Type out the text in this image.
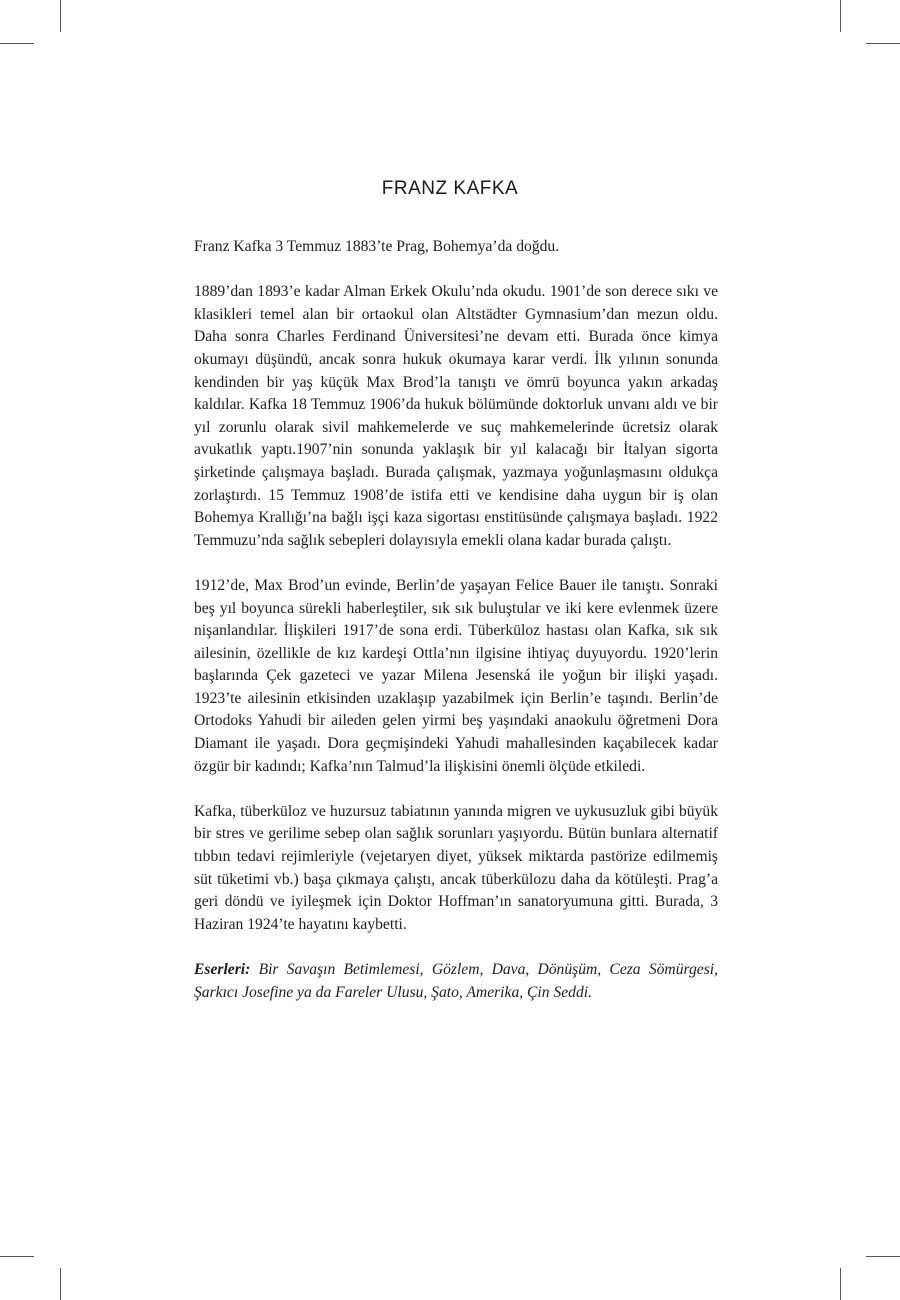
FRANZ KAFKA

Franz Kafka 3 Temmuz 1883’te Prag, Bohemya’da doğdu.

1889’dan 1893’e kadar Alman Erkek Okulu’nda okudu. 1901’de son derece sıkı ve klasikleri temel alan bir ortaokul olan Altstädter Gymnasium’dan mezun oldu. Daha sonra Charles Ferdinand Üniversitesi’ne devam etti. Burada önce kimya okumayı düşündü, ancak sonra hukuk okumaya karar verdi. İlk yılının sonunda kendinden bir yaş küçük Max Brod’la tanıştı ve ömrü boyunca yakın arkadaş kaldılar. Kafka 18 Temmuz 1906’da hukuk bölümünde doktorluk unvanı aldı ve bir yıl zorunlu olarak sivil mahkemelerde ve suç mahkemelerinde ücretsiz olarak avukatlık yaptı.1907’nin sonunda yaklaşık bir yıl kalacağı bir İtalyan sigorta şirketinde çalışmaya başladı. Burada çalışmak, yazmaya yoğunlaşmasını oldukça zorlaştırdı. 15 Temmuz 1908’de istifa etti ve kendisine daha uygun bir iş olan Bohemya Krallığı’na bağlı işçi kaza sigortası enstitüsünde çalışmaya başladı. 1922 Temmuzu’nda sağlık sebepleri dolayısıyla emekli olana kadar burada çalıştı.

1912’de, Max Brod’un evinde, Berlin’de yaşayan Felice Bauer ile tanıştı. Sonraki beş yıl boyunca sürekli haberleştiler, sık sık buluştular ve iki kere evlenmek üzere nişanlandılar. İlişkileri 1917’de sona erdi. Tüberküloz hastası olan Kafka, sık sık ailesinin, özellikle de kız kardeşi Ottla’nın ilgisine ihtiyaç duyuyordu. 1920’lerin başlarında Çek gazeteci ve yazar Milena Jesenská ile yoğun bir ilişki yaşadı. 1923’te ailesinin etkisinden uzaklaşıp yazabilmek için Berlin’e taşındı. Berlin’de Ortodoks Yahudi bir aileden gelen yirmi beş yaşındaki anaokulu öğretmeni Dora Diamant ile yaşadı. Dora geçmişindeki Yahudi mahallesinden kaçabilecek kadar özgür bir kadındı; Kafka’nın Talmud’la ilişkisini önemli ölçüde etkiledi.

Kafka, tüberküloz ve huzursuz tabiatının yanında migren ve uykusuzluk gibi büyük bir stres ve gerilime sebep olan sağlık sorunları yaşıyordu. Bütün bunlara alternatif tıbbın tedavi rejimleriyle (vejetaryen diyet, yüksek miktarda pastörize edilmemiş süt tüketimi vb.) başa çıkmaya çalıştı, ancak tüberkülozu daha da kötüleşti. Prag’a geri döndü ve iyileşmek için Doktor Hoffman’ın sanatoryumuna gitti. Burada, 3 Haziran 1924’te hayatını kaybetti.

Eserleri: Bir Savaşın Betimlemesi, Gözlem, Dava, Dönüşüm, Ceza Sömürgesi, Şarkıcı Josefine ya da Fareler Ulusu, Şato, Amerika, Çin Seddi.
